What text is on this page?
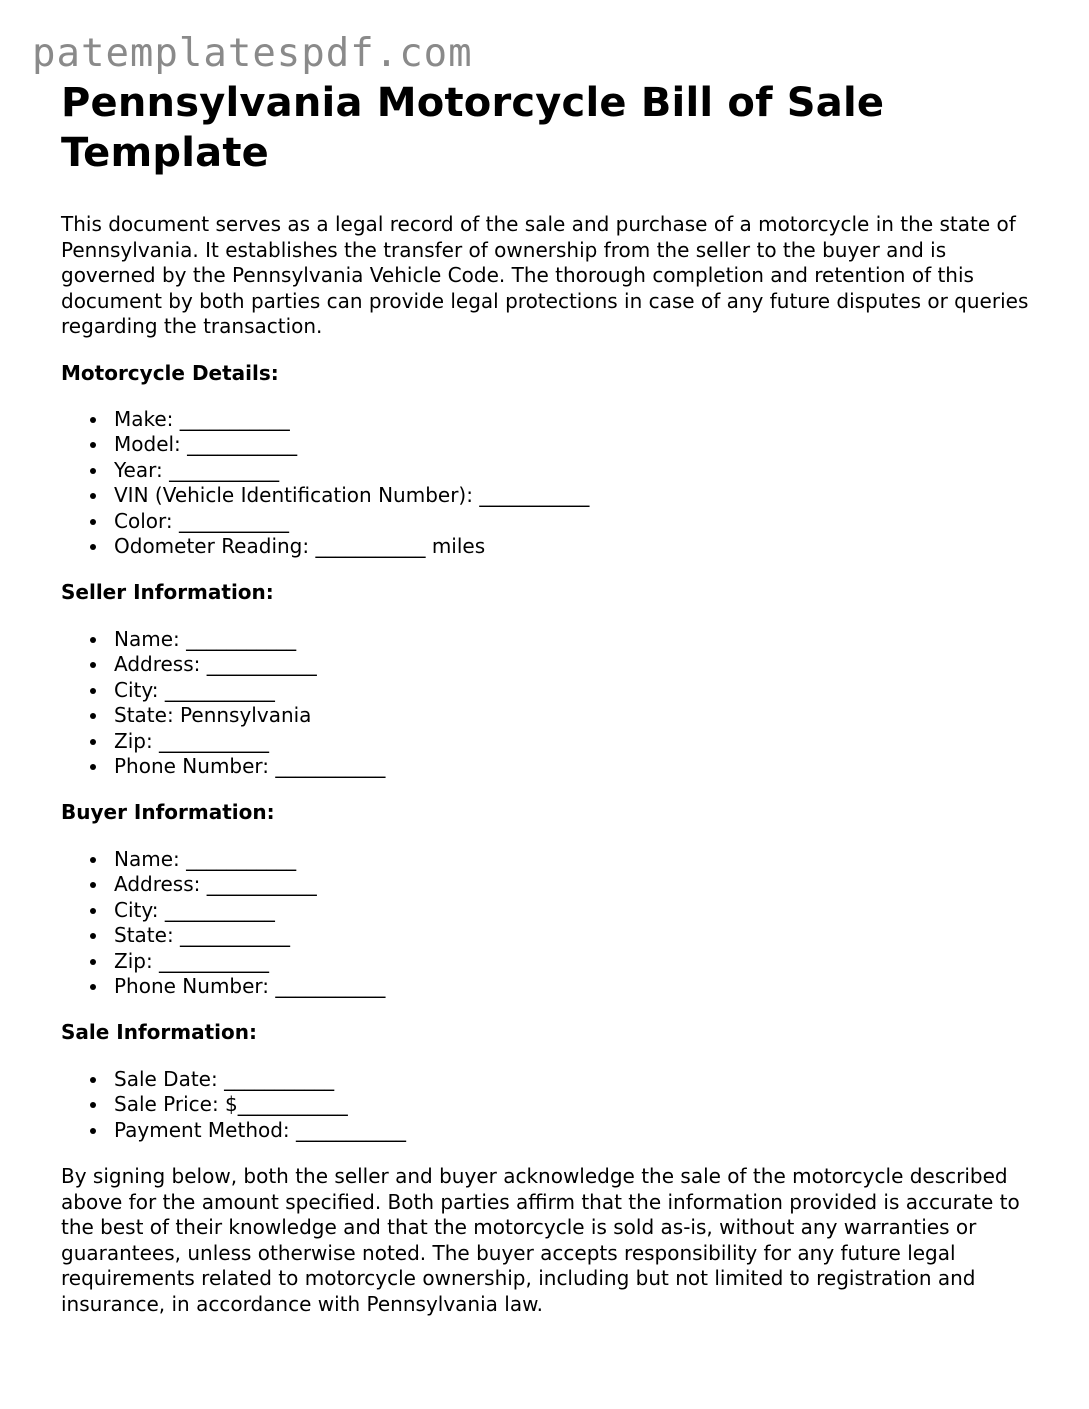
patemplatespdf.com
Pennsylvania Motorcycle Bill of Sale Template

This document serves as a legal record of the sale and purchase of a motorcycle in the state of Pennsylvania. It establishes the transfer of ownership from the seller to the buyer and is governed by the Pennsylvania Vehicle Code. The thorough completion and retention of this document by both parties can provide legal protections in case of any future disputes or queries regarding the transaction.

Motorcycle Details:
Make: ___________
Model: ___________
Year: ___________
VIN (Vehicle Identification Number): ___________
Color: ___________
Odometer Reading: ___________ miles
Seller Information:
Name: ___________
Address: ___________
City: ___________
State: Pennsylvania
Zip: ___________
Phone Number: ___________
Buyer Information:
Name: ___________
Address: ___________
City: ___________
State: ___________
Zip: ___________
Phone Number: ___________
Sale Information:
Sale Date: ___________
Sale Price: $___________
Payment Method: ___________

By signing below, both the seller and buyer acknowledge the sale of the motorcycle described above for the amount specified. Both parties affirm that the information provided is accurate to the best of their knowledge and that the motorcycle is sold as-is, without any warranties or guarantees, unless otherwise noted. The buyer accepts responsibility for any future legal requirements related to motorcycle ownership, including but not limited to registration and insurance, in accordance with Pennsylvania law.
